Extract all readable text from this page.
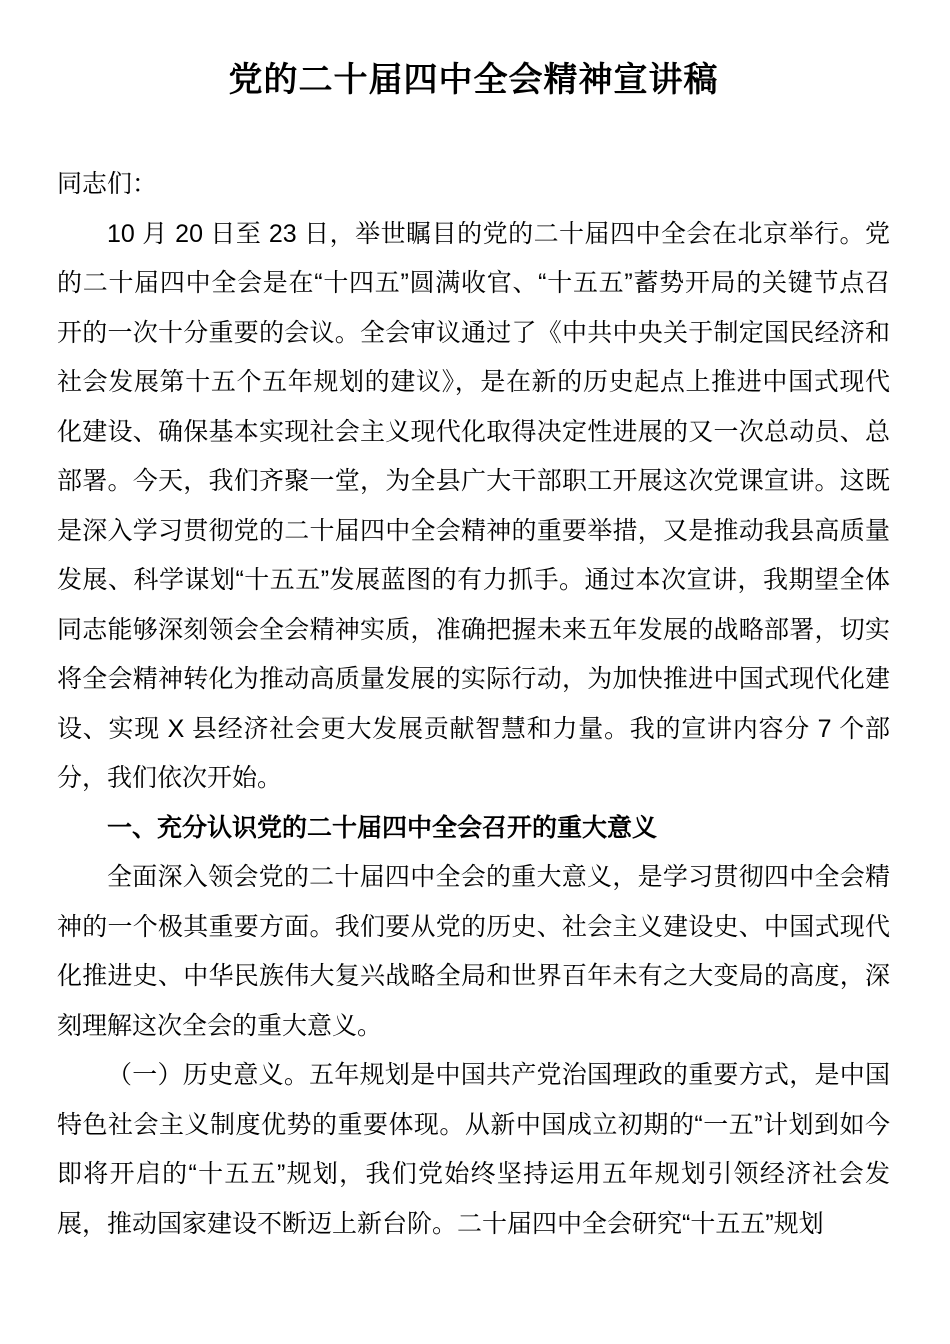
党的二十届四中全会精神宣讲稿

同志们：

10 月 20 日至 23 日，举世瞩目的党的二十届四中全会在北京举行。党的二十届四中全会是在“十四五”圆满收官、“十五五”蓄势开局的关键节点召开的一次十分重要的会议。全会审议通过了《中共中央关于制定国民经济和社会发展第十五个五年规划的建议》，是在新的历史起点上推进中国式现代化建设、确保基本实现社会主义现代化取得决定性进展的又一次总动员、总部署。今天，我们齐聚一堂，为全县广大干部职工开展这次党课宣讲。这既是深入学习贯彻党的二十届四中全会精神的重要举措，又是推动我县高质量发展、科学谋划“十五五”发展蓝图的有力抓手。通过本次宣讲，我期望全体同志能够深刻领会全会精神实质，准确把握未来五年发展的战略部署，切实将全会精神转化为推动高质量发展的实际行动，为加快推进中国式现代化建设、实现 X 县经济社会更大发展贡献智慧和力量。我的宣讲内容分 7 个部分，我们依次开始。

一、充分认识党的二十届四中全会召开的重大意义

全面深入领会党的二十届四中全会的重大意义，是学习贯彻四中全会精神的一个极其重要方面。我们要从党的历史、社会主义建设史、中国式现代化推进史、中华民族伟大复兴战略全局和世界百年未有之大变局的高度，深刻理解这次全会的重大意义。

（一）历史意义。五年规划是中国共产党治国理政的重要方式，是中国特色社会主义制度优势的重要体现。从新中国成立初期的“一五”计划到如今即将开启的“十五五”规划，我们党始终坚持运用五年规划引领经济社会发展，推动国家建设不断迈上新台阶。二十届四中全会研究“十五五”规划
